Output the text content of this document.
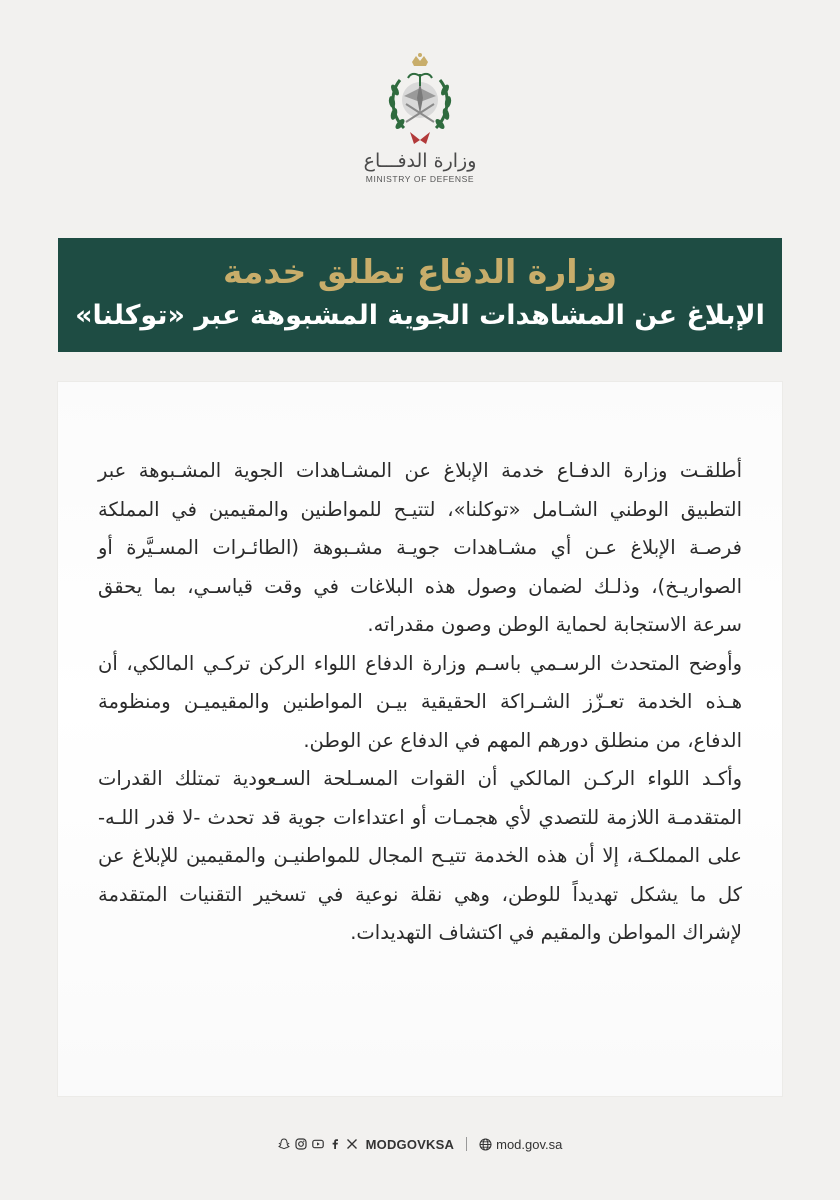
وزارة الدفـــاع
MINISTRY OF DEFENSE
وزارة الدفاع تطلق خدمة
الإبلاغ عن المشاهدات الجوية المشبوهة عبر «توكلنا»

أطلقـت وزارة الدفـاع خدمة الإبلاغ عن المشـاهدات الجوية المشـبوهة عبر التطبيق الوطني الشـامل «توكلنا»، لتتيـح للمواطنين والمقيمين في المملكة فرصـة الإبلاغ عـن أي مشـاهدات جويـة مشـبوهة (الطائـرات المسـيَّرة أو الصواريـخ)، وذلـك لضمان وصول هذه البلاغات في وقت قياسـي، بما يحقق سرعة الاستجابة لحماية الوطن وصون مقدراته.

وأوضح المتحدث الرسـمي باسـم وزارة الدفاع اللواء الركن تركـي المالكي، أن هـذه الخدمة تعـزّز الشـراكة الحقيقية بيـن المواطنين والمقيميـن ومنظومة الدفاع، من منطلق دورهم المهم في الدفاع عن الوطن.

وأكـد اللواء الركـن المالكي أن القوات المسـلحة السـعودية تمتلك القدرات المتقدمـة اللازمة للتصدي لأي هجمـات أو اعتداءات جوية قد تحدث -لا قدر اللـه- على المملكـة، إلا أن هذه الخدمة تتيـح المجال للمواطنيـن والمقيمين للإبلاغ عن كل ما يشكل تهديداً للوطن، وهي نقلة نوعية في تسخير التقنيات المتقدمة لإشراك المواطن والمقيم في اكتشاف التهديدات.

MODGOVKSA	mod.gov.sa
